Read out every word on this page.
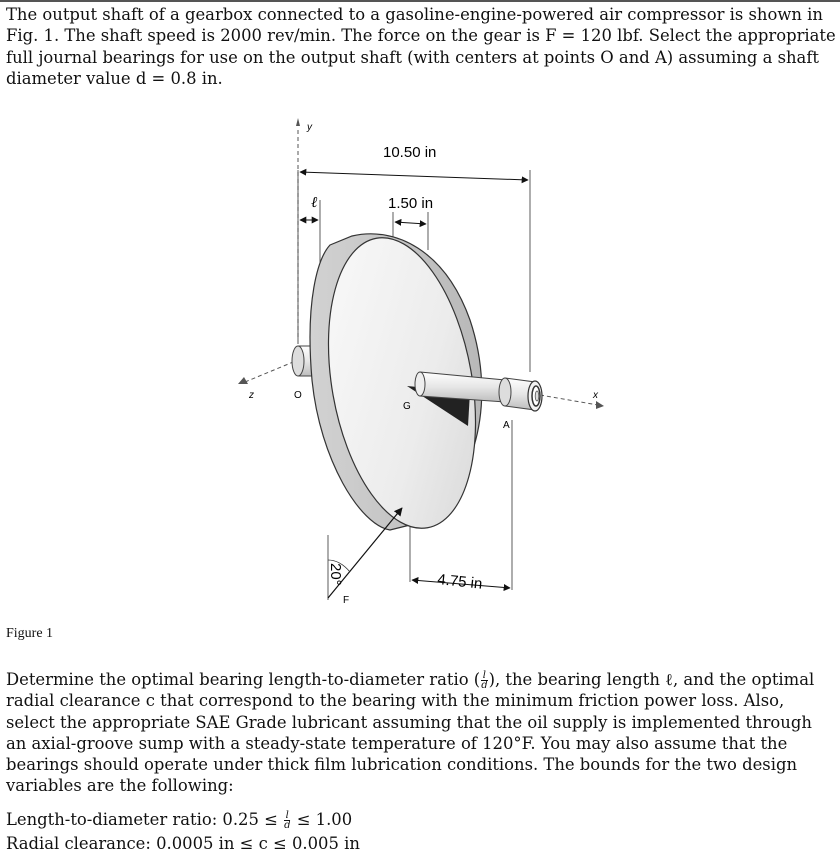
The output shaft of a gearbox connected to a gasoline-engine-powered air compressor is shown in Fig. 1. The shaft speed is 2000 rev/min. The force on the gear is F = 120 lbf. Select the appropriate full journal bearings for use on the output shaft (with centers at points O and A) assuming a shaft diameter value d = 0.8 in.

10.50 in
1.50 in
4.75 in
20°
ℓ
y
x
z	O
A
G
F
Figure 1

Determine the optimal bearing length-to-diameter ratio ( $\frac{l}{d}$ ), the bearing length ℓ, and the optimal radial clearance c that correspond to the bearing with the minimum friction power loss. Also, select the appropriate SAE Grade lubricant assuming that the oil supply is implemented through an axial-groove sump with a steady-state temperature of 120°F. You may also assume that the bearings should operate under thick film lubrication conditions. The bounds for the two design variables are the following:

Length-to-diameter ratio: $0.25 \le \frac{l}{d} \le 1.00$
Radial clearance: 0.0005 in ≤ c ≤ 0.005 in
